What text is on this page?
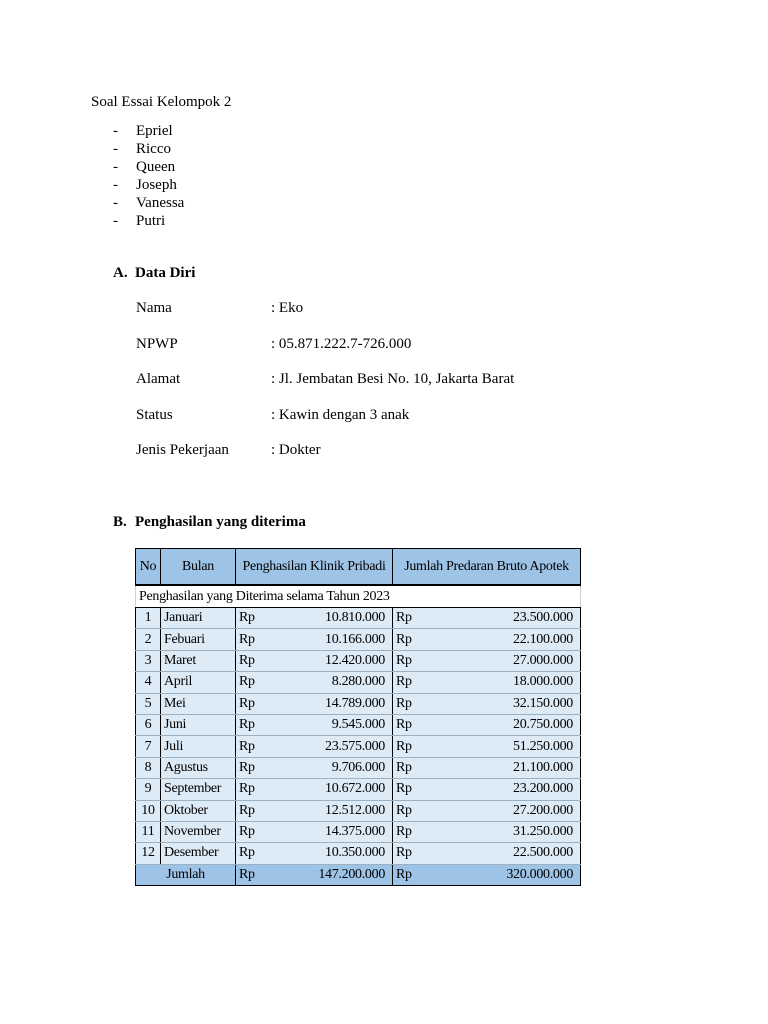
Soal Essai Kelompok 2
-	Epriel
-	Ricco
-	Queen
-	Joseph
-	Vanessa
-	Putri
A. Data Diri
Nama	: Eko
NPWP	: 05.871.222.7-726.000
Alamat	: Jl. Jembatan Besi No. 10, Jakarta Barat
Status	: Kawin dengan 3 anak
Jenis Pekerjaan	: Dokter
B. Penghasilan yang diterima
Penghasilan yang Diterima selama Tahun 2023					
No	Bulan	Penghasilan Klinik Pribadi		Jumlah Predaran Bruto Apotek	
1	Januari	Rp	10.810.000	Rp	23.500.000
2	Febuari	Rp	10.166.000	Rp	22.100.000
3	Maret	Rp	12.420.000	Rp	27.000.000
4	April	Rp	8.280.000	Rp	18.000.000
5	Mei	Rp	14.789.000	Rp	32.150.000
6	Juni	Rp	9.545.000	Rp	20.750.000
7	Juli	Rp	23.575.000	Rp	51.250.000
8	Agustus	Rp	9.706.000	Rp	21.100.000
9	September	Rp	10.672.000	Rp	23.200.000
10	Oktober	Rp	12.512.000	Rp	27.200.000
11	November	Rp	14.375.000	Rp	31.250.000
12	Desember	Rp	10.350.000	Rp	22.500.000
Jumlah		Rp	147.200.000	Rp	320.000.000
